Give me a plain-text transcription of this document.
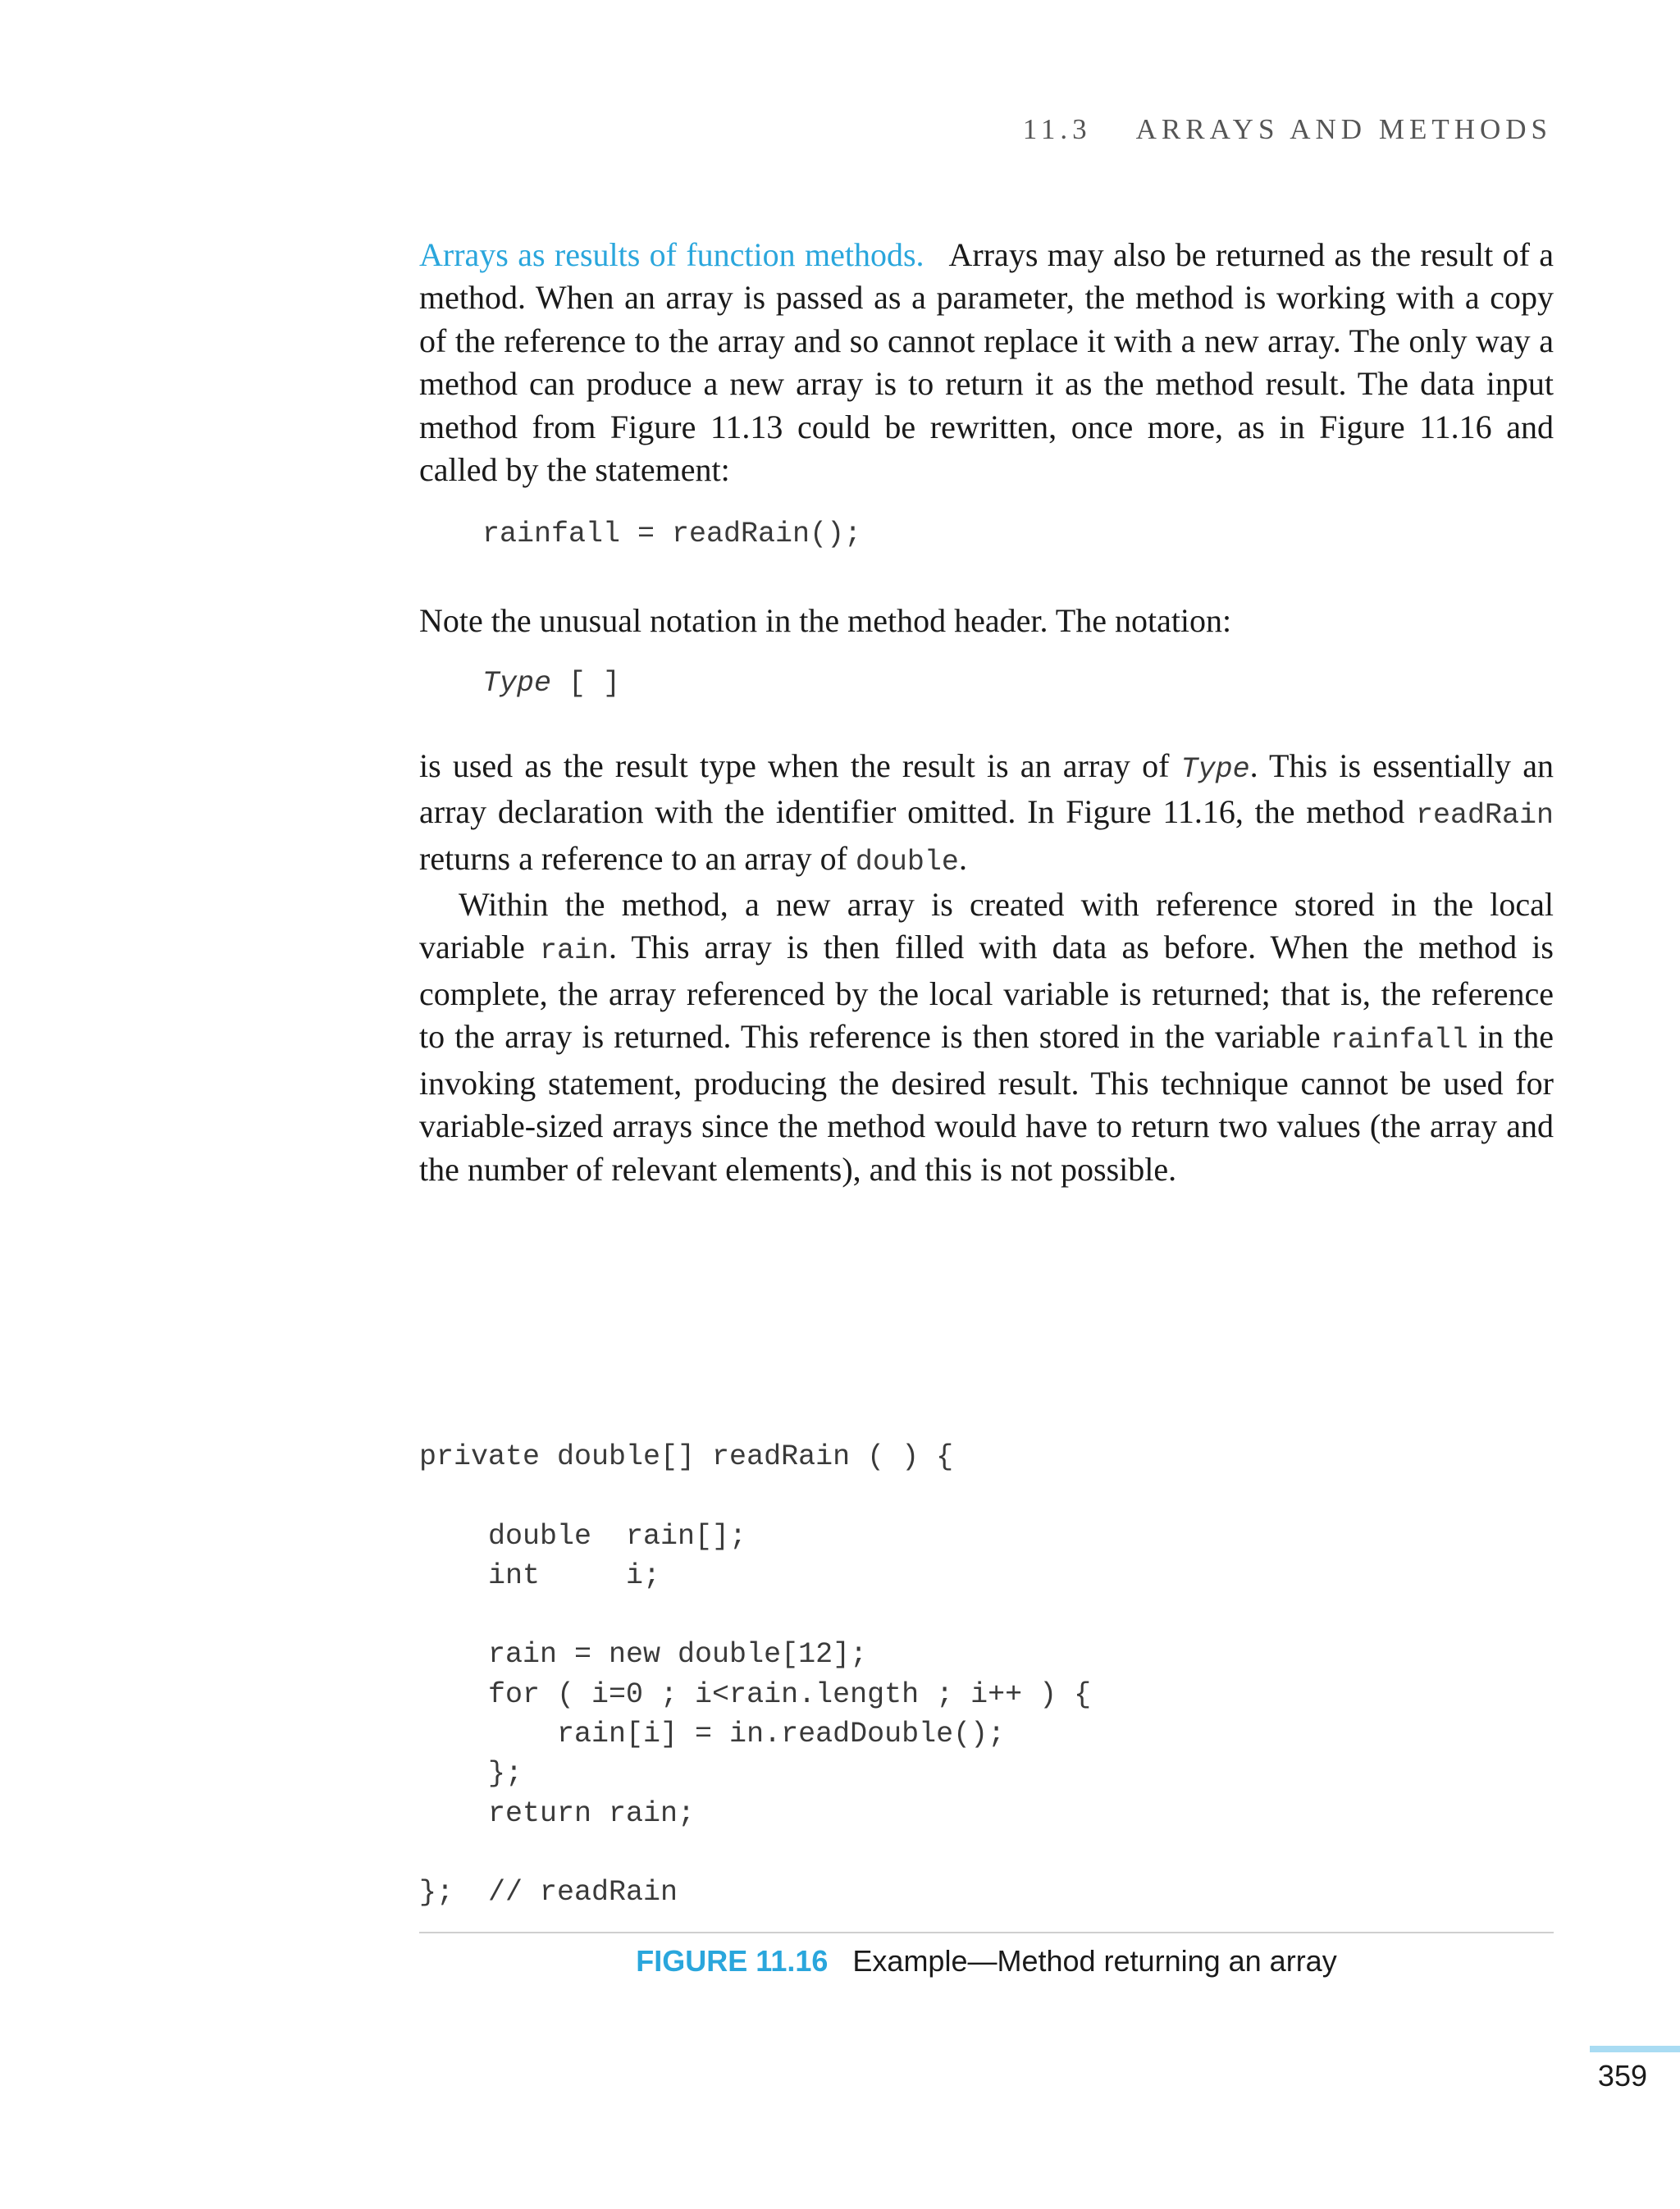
11.3 ARRAYS AND METHODS

Arrays as results of function methods. Arrays may also be returned as the result of a method. When an array is passed as a parameter, the method is working with a copy of the reference to the array and so cannot replace it with a new array. The only way a method can produce a new array is to return it as the method result. The data input method from Figure 11.13 could be rewritten, once more, as in Figure 11.16 and called by the statement:

rainfall = readRain();

Note the unusual notation in the method header. The notation:

Type [ ]

is used as the result type when the result is an array of Type. This is essentially an array declaration with the identifier omitted. In Figure 11.16, the method readRain returns a reference to an array of double.

Within the method, a new array is created with reference stored in the local variable rain. This array is then filled with data as before. When the method is complete, the array referenced by the local variable is returned; that is, the reference to the array is returned. This reference is then stored in the variable rainfall in the invoking statement, producing the desired result. This technique cannot be used for variable-sized arrays since the method would have to return two values (the array and the number of relevant elements), and this is not possible.

private double[] readRain ( ) {
double  rain[];
int     i;
rain = new double[12];
for ( i=0 ; i<rain.length ; i++ ) {
rain[i] = in.readDouble();
};
return rain;
};  // readRain
FIGURE 11.16 Example—Method returning an array
359
